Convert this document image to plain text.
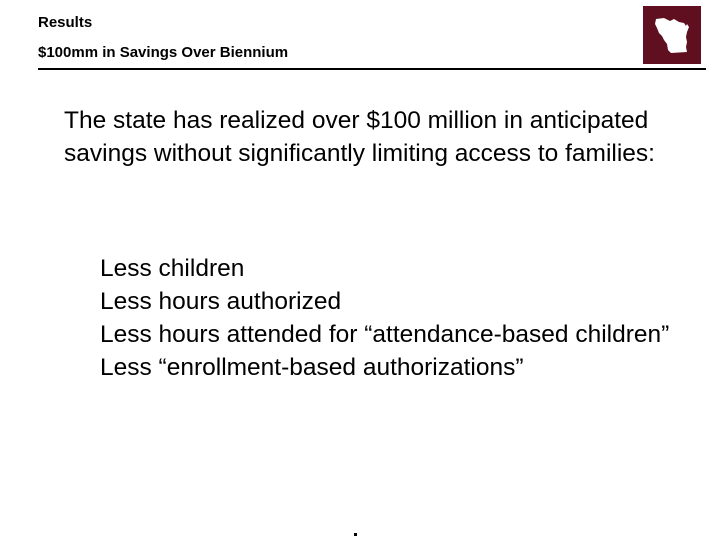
Results
$100mm in Savings Over Biennium
The state has realized over $100 million in anticipated savings without significantly limiting access to families:
Less children
Less hours authorized
Less hours attended for “attendance-based children”
Less “enrollment-based authorizations”
